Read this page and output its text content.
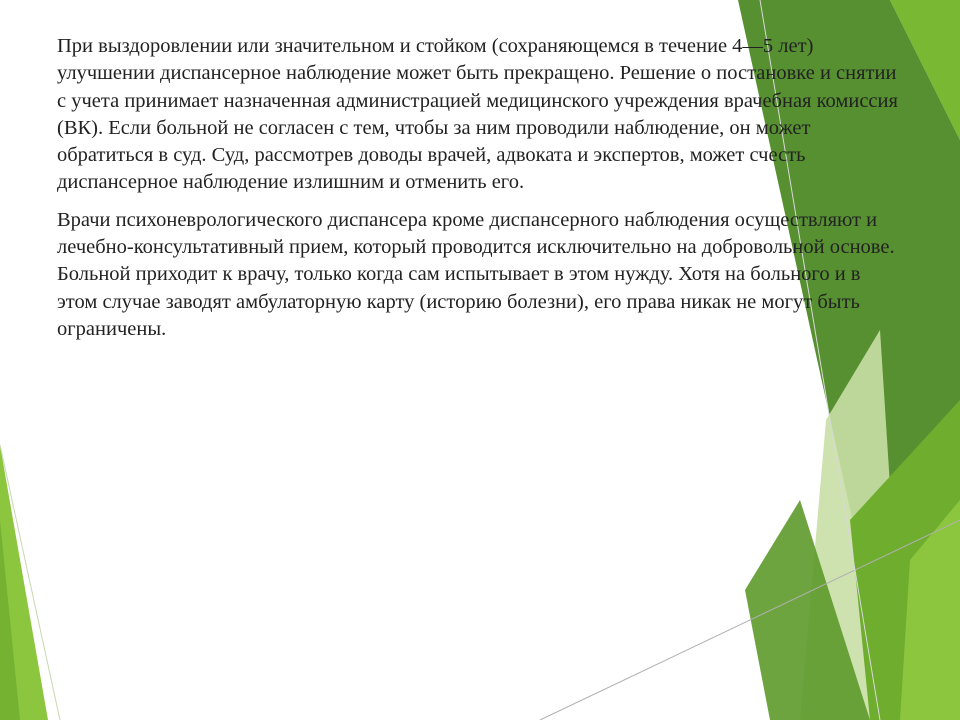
При выздоровлении или значительном и стойком (сохраняющемся в течение 4—5 лет) улучшении диспансерное наблюдение может быть прекращено. Решение о постановке и снятии с учета принимает назначенная администрацией медицинского учреждения врачебная комиссия (ВК). Если больной не согласен с тем, чтобы за ним проводили наблюдение, он может обратиться в суд. Суд, рассмотрев доводы врачей, адвоката и экспертов, может счесть диспансерное наблюдение излишним и отменить его.

Врачи психоневрологического диспансера кроме диспансерного наблюдения осуществляют и лечебно-консультативный прием, который проводится исключительно на добровольной основе. Больной приходит к врачу, только когда сам испытывает в этом нужду. Хотя на больного и в этом случае заводят амбулаторную карту (историю болезни), его права никак не могут быть ограничены.
